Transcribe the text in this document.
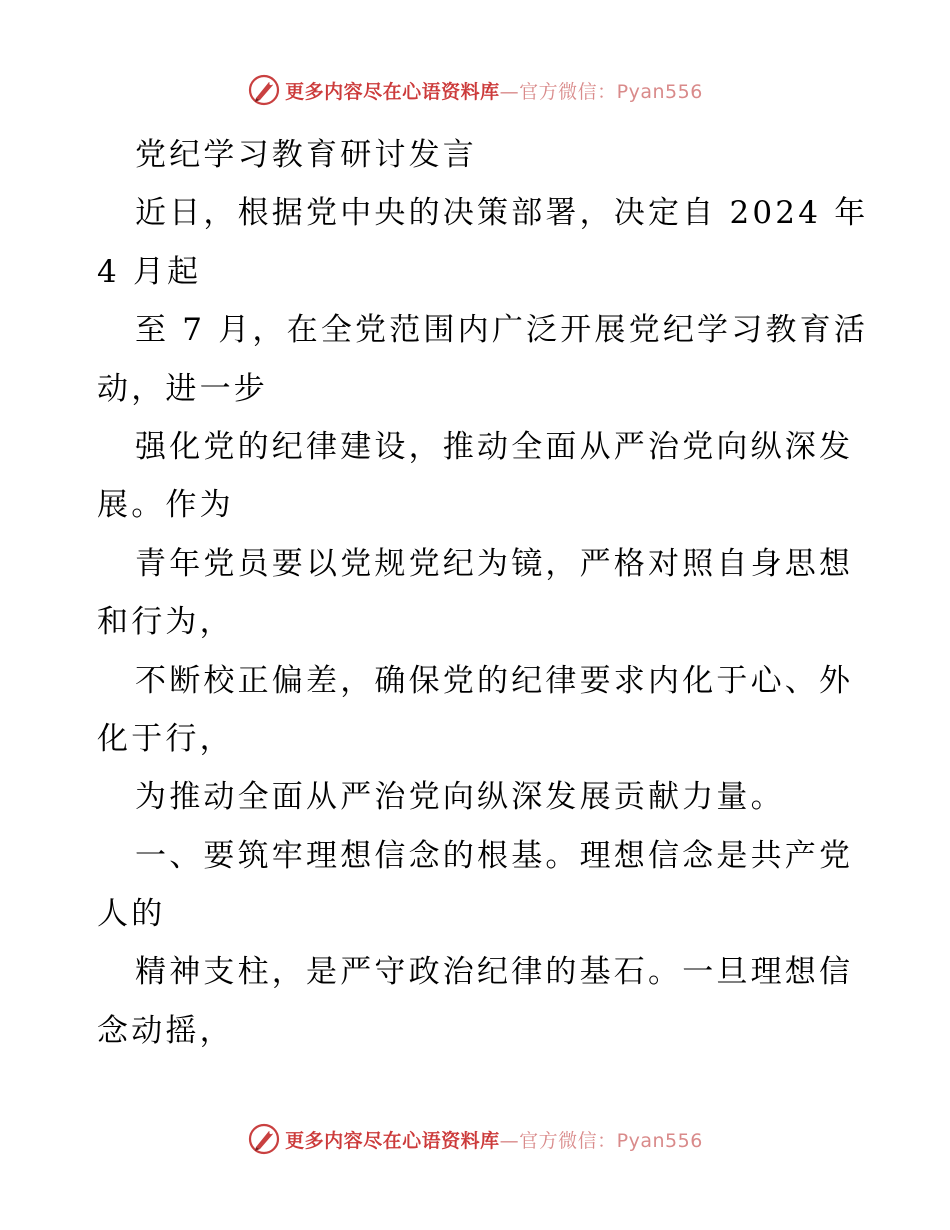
更多内容尽在心语资料库—官方微信：Pyan556
党纪学习教育研讨发言
近日，根据党中央的决策部署，决定自 2024 年
4 月起
至 7 月，在全党范围内广泛开展党纪学习教育活
动，进一步
强化党的纪律建设，推动全面从严治党向纵深发
展。作为
青年党员要以党规党纪为镜，严格对照自身思想
和行为，
不断校正偏差，确保党的纪律要求内化于心、外
化于行，
为推动全面从严治党向纵深发展贡献力量。
一、要筑牢理想信念的根基。理想信念是共产党
人的
精神支柱，是严守政治纪律的基石。一旦理想信
念动摇，
更多内容尽在心语资料库—官方微信：Pyan556
